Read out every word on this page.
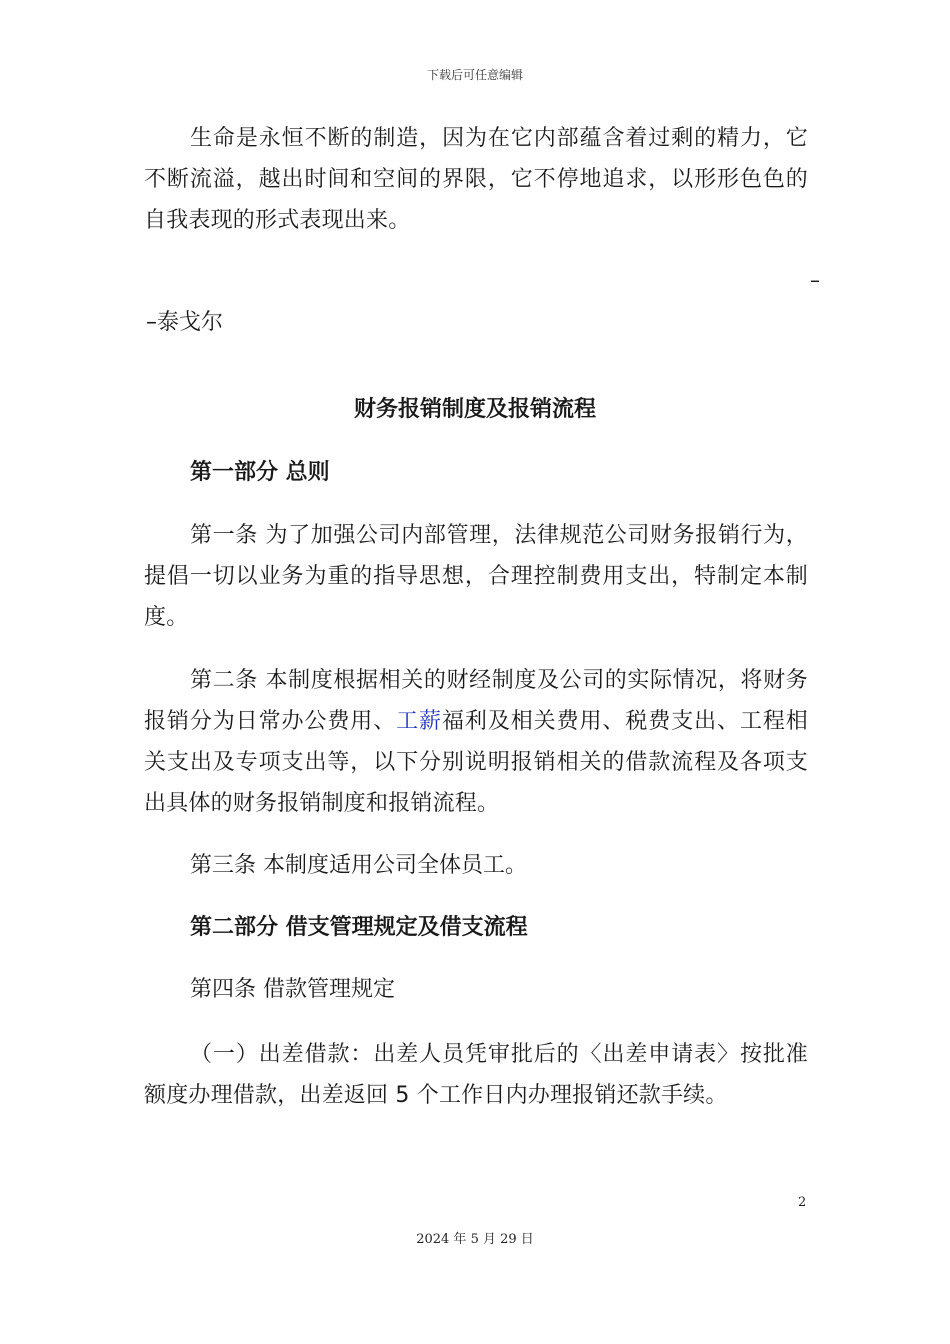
下载后可任意编辑

生命是永恒不断的制造，因为在它内部蕴含着过剩的精力，它不断流溢，越出时间和空间的界限，它不停地追求，以形形色色的自我表现的形式表现出来。

–

–泰戈尔

财务报销制度及报销流程
第一部分 总则

第一条 为了加强公司内部管理，法律规范公司财务报销行为，提倡一切以业务为重的指导思想，合理控制费用支出，特制定本制度。

第二条 本制度根据相关的财经制度及公司的实际情况，将财务报销分为日常办公费用、工薪福利及相关费用、税费支出、工程相关支出及专项支出等，以下分别说明报销相关的借款流程及各项支出具体的财务报销制度和报销流程。

第三条 本制度适用公司全体员工。

第二部分 借支管理规定及借支流程

第四条 借款管理规定

（一）出差借款：出差人员凭审批后的〈出差申请表〉按批准额度办理借款，出差返回 5 个工作日内办理报销还款手续。

2

2024 年 5 月 29 日
